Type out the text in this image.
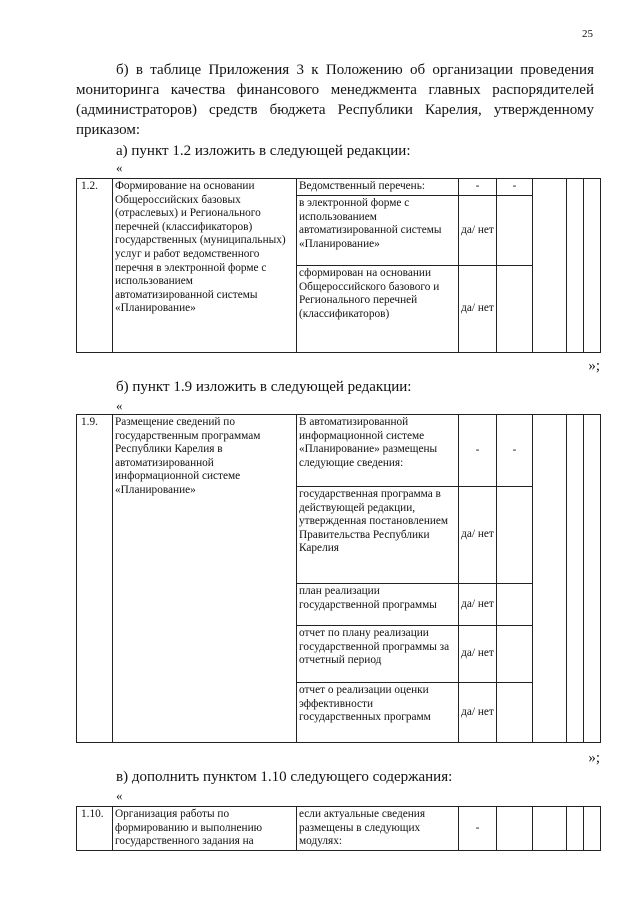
25

б) в таблице Приложения 3 к Положению об организации проведения мониторинга качества финансового менеджмента главных распорядителей (администраторов) средств бюджета Республики Карелия, утвержденному приказом:

а) пункт 1.2 изложить в следующей редакции:

«
1.2.	Формирование на основании Общероссийских базовых (отраслевых) и Регионального перечней (классификаторов) государственных (муниципальных) услуг и работ ведомственного перечня в электронной форме с использованием автоматизированной системы «Планирование»	Ведомственный перечень:	-	-			
		в электронной форме с использованием автоматизированной системы «Планирование»	да/ нет				
		сформирован на основании Общероссийского базового и Регионального перечней (классификаторов)	да/ нет				
»;

б) пункт 1.9 изложить в следующей редакции:

«
1.9.	Размещение сведений по государственным программам Республики Карелия в автоматизированной информационной системе «Планирование»	В автоматизированной информационной системе «Планирование» размещены следующие сведения:	-	-			
		государственная программа в действующей редакции, утвержденная постановлением Правительства Республики Карелия	да/ нет				
		план реализации государственной программы	да/ нет				
		отчет по плану реализации государственной программы за отчетный период	да/ нет				
		отчет о реализации оценки эффективности государственных программ	да/ нет				
»;

в) дополнить пунктом 1.10 следующего содержания:

«
1.10.	Организация работы по формированию и выполнению государственного задания на	если актуальные сведения размещены в следующих модулях:	-				
